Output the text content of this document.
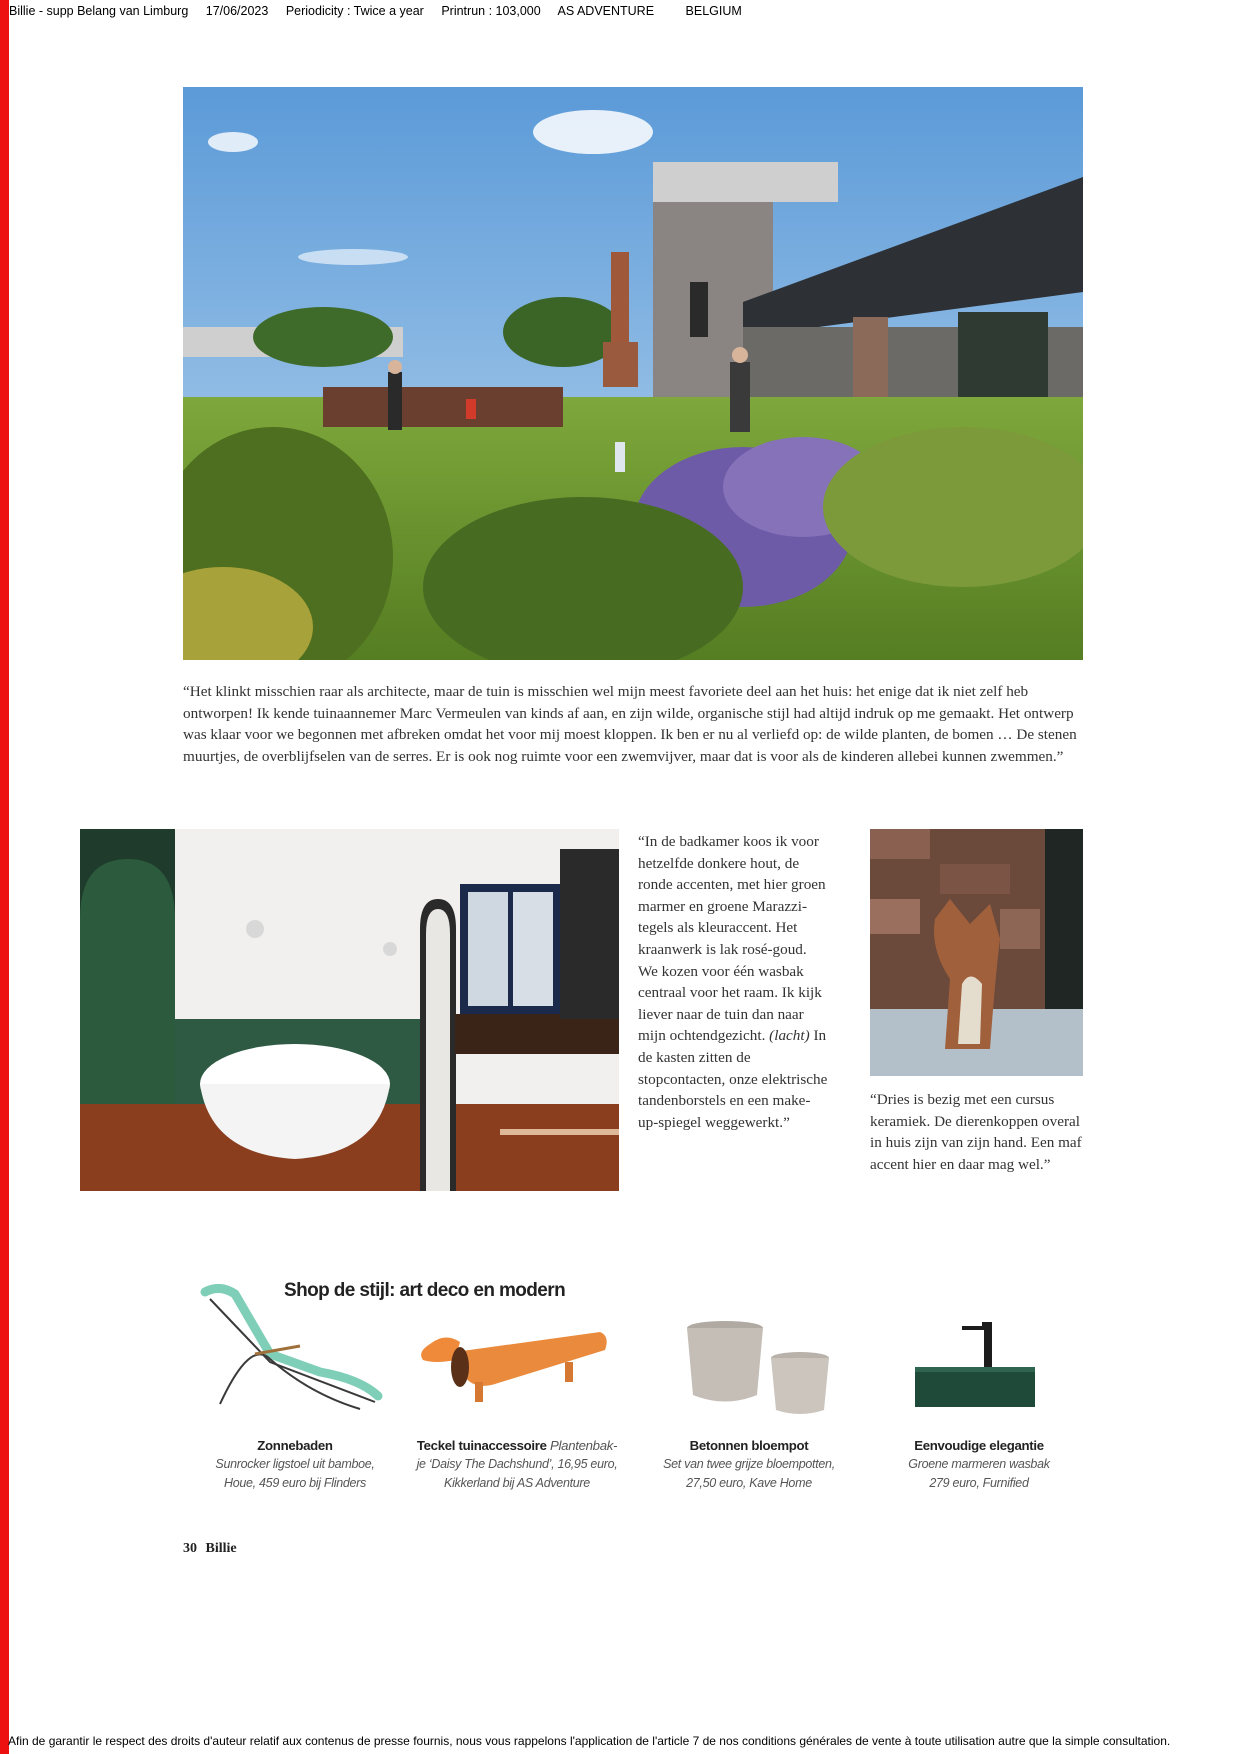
Billie - supp Belang van Limburg 17/06/2023 Periodicity : Twice a year Printrun : 103,000 AS ADVENTURE	BELGIUM
“Het klinkt misschien raar als architecte, maar de tuin is misschien wel mijn meest favoriete deel aan het huis: het enige dat ik niet zelf heb ontworpen! Ik kende tuinaannemer Marc Vermeulen van kinds af aan, en zijn wilde, organische stijl had altijd indruk op me gemaakt. Het ontwerp was klaar voor we begonnen met afbreken omdat het voor mij moest kloppen. Ik ben er nu al verliefd op: de wilde planten, de bomen … De stenen muurtjes, de overblijfselen van de serres. Er is ook nog ruimte voor een zwemvijver, maar dat is voor als de kinderen allebei kunnen zwemmen.”
“In de badkamer koos ik voor hetzelfde donkere hout, de ronde accenten, met hier groen marmer en groene Marazzi-tegels als kleuraccent. Het kraanwerk is lak rosé-goud. We kozen voor één wasbak centraal voor het raam. Ik kijk liever naar de tuin dan naar mijn ochtendgezicht. (lacht) In de kasten zitten de stopcontacten, onze elektrische tandenborstels en een make-up-spiegel weggewerkt.”
“Dries is bezig met een cursus keramiek. De dierenkoppen overal in huis zijn van zijn hand. Een maf accent hier en daar mag wel.”
Shop de stijl: art deco en modern
Zonnebaden
Sunrocker ligstoel uit bamboe,
Houe, 459 euro bij Flinders
Teckel tuinaccessoire Plantenbak-
je ‘Daisy The Dachshund’, 16,95 euro,
Kikkerland bij AS Adventure
Betonnen bloempot
Set van twee grijze bloempotten,
27,50 euro, Kave Home
Eenvoudige elegantie
Groene marmeren wasbak
279 euro, Furnified
30 Billie
Afin de garantir le respect des droits d'auteur relatif aux contenus de presse fournis, nous vous rappelons l'application de l'article 7 de nos conditions générales de vente à toute utilisation autre que la simple consultation.
